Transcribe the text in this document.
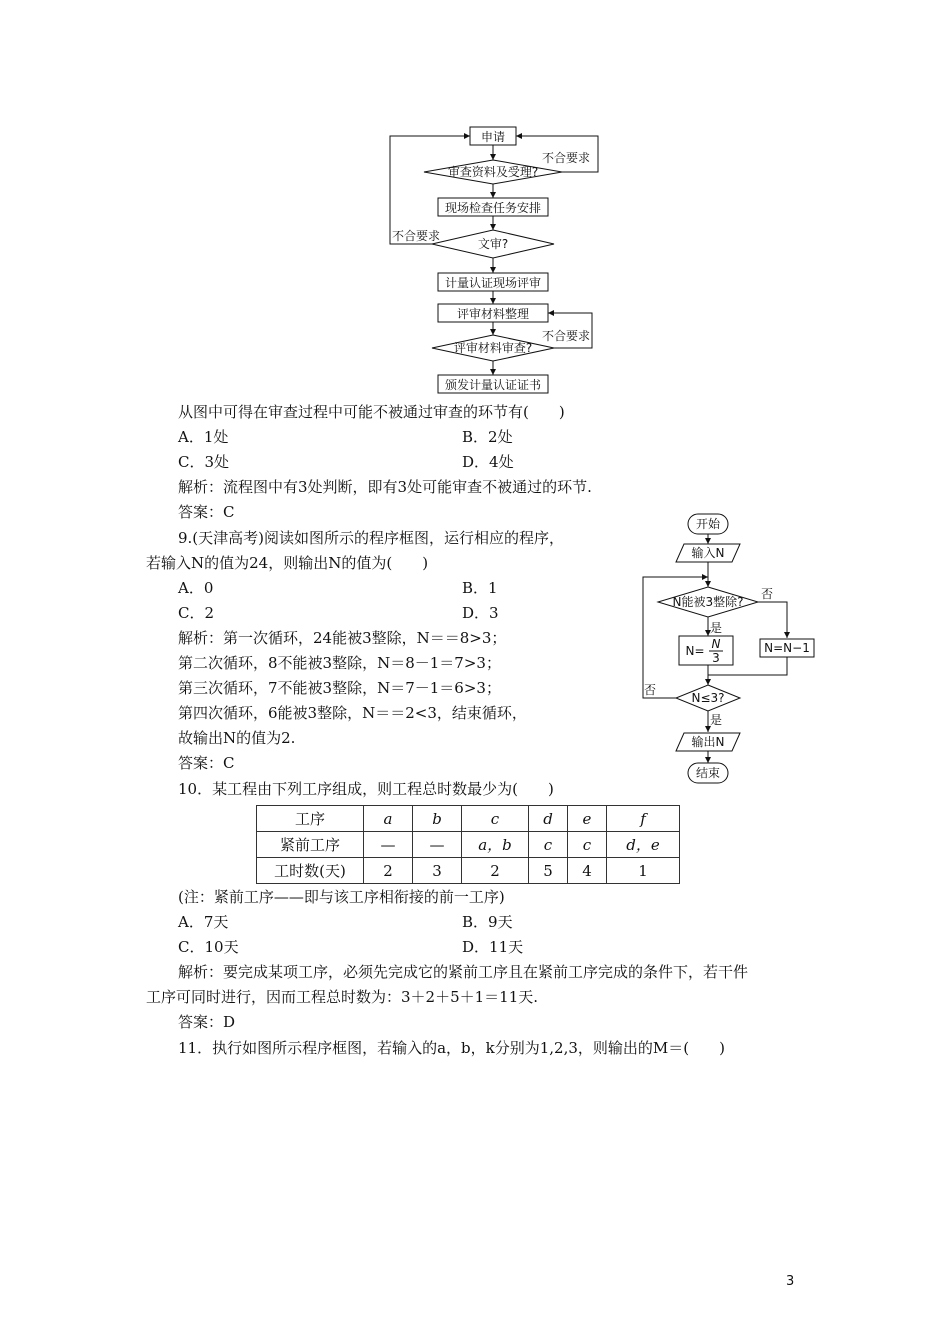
申请
审查资料及受理?
现场检查任务安排
文审?
计量认证现场评审
评审材料整理
评审材料审查?
颁发计量认证证书
不合要求
不合要求
不合要求
从图中可得在审查过程中可能不被通过审查的环节有(　　)
A．1处	B．2处
C．3处	D．4处
解析：流程图中有3处判断，即有3处可能审查不被通过的环节.
答案：C
9.(天津高考)阅读如图所示的程序框图，运行相应的程序，
若输入N的值为24，则输出N的值为(　　)
A．0	B．1
C．2	D．3
解析：第一次循环，24能被3整除，N＝＝8>3；
第二次循环，8不能被3整除，N＝8－1＝7>3；
第三次循环，7不能被3整除，N＝7－1＝6>3；
第四次循环，6能被3整除，N＝＝2<3，结束循环，
故输出N的值为2.
答案：C
开始
输入N
N能被3整除?
否
是
N= N
3
N=N−1
N≤3?
否
是
输出N
结束
10．某工程由下列工序组成，则工程总时数最少为(　　)
工序	a	b	c	d	e	f
紧前工序	—	—	a，b	c	c	d，e
工时数(天)	2	3	2	5	4	1
(注：紧前工序——即与该工序相衔接的前一工序)
A．7天	B．9天
C．10天	D．11天
解析：要完成某项工序，必须先完成它的紧前工序且在紧前工序完成的条件下，若干件
工序可同时进行，因而工程总时数为：3＋2＋5＋1＝11天.
答案：D
11．执行如图所示程序框图，若输入的a，b，k分别为1,2,3，则输出的M＝(　　)
3
